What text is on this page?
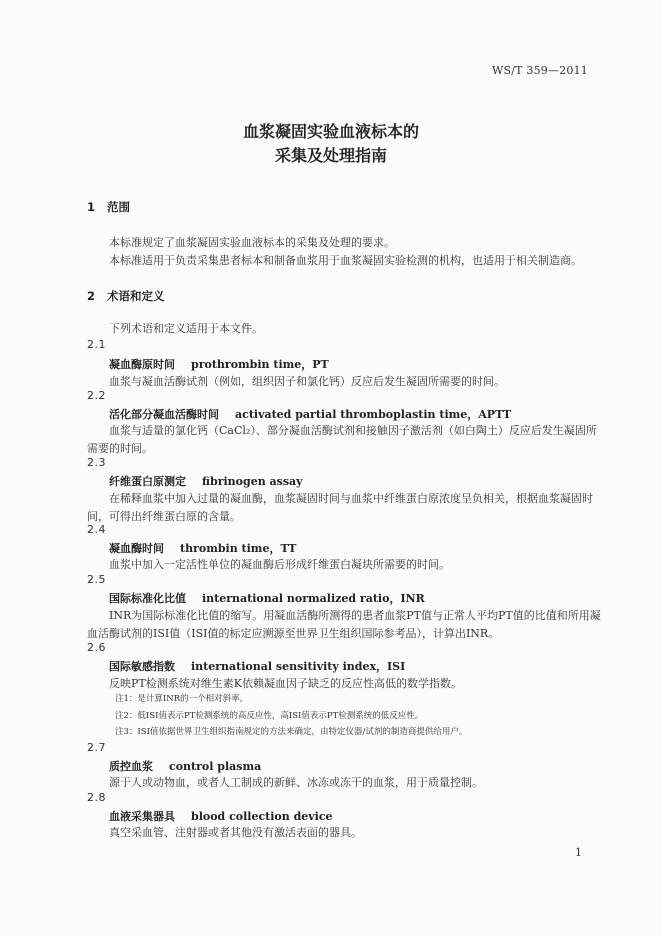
WS/T 359—2011
血浆凝固实验血液标本的
采集及处理指南
1 范围
本标准规定了血浆凝固实验血液标本的采集及处理的要求。
本标准适用于负责采集患者标本和制备血浆用于血浆凝固实验检测的机构，也适用于相关制造商。
2 术语和定义
下列术语和定义适用于本文件。
2.1
凝血酶原时间 prothrombin time，PT
血浆与凝血活酶试剂（例如，组织因子和氯化钙）反应后发生凝固所需要的时间。
2.2
活化部分凝血活酶时间 activated partial thromboplastin time，APTT
血浆与适量的氯化钙（CaCl₂）、部分凝血活酶试剂和接触因子激活剂（如白陶土）反应后发生凝固所需要的时间。
2.3
纤维蛋白原测定 fibrinogen assay
在稀释血浆中加入过量的凝血酶，血浆凝固时间与血浆中纤维蛋白原浓度呈负相关，根据血浆凝固时间，可得出纤维蛋白原的含量。
2.4
凝血酶时间 thrombin time，TT
血浆中加入一定活性单位的凝血酶后形成纤维蛋白凝块所需要的时间。
2.5
国际标准化比值 international normalized ratio，INR
INR为国际标准化比值的缩写。用凝血活酶所测得的患者血浆PT值与正常人平均PT值的比值和所用凝血活酶试剂的ISI值（ISI值的标定应溯源至世界卫生组织国际参考品），计算出INR。
2.6
国际敏感指数 international sensitivity index，ISI
反映PT检测系统对维生素K依赖凝血因子缺乏的反应性高低的数学指数。
注1：是计算INR的一个相对斜率。
注2：低ISI值表示PT检测系统的高反应性，高ISI值表示PT检测系统的低反应性。
注3：ISI值依据世界卫生组织指南规定的方法来确定，由特定仪器/试剂的制造商提供给用户。
2.7
质控血浆 control plasma
源于人或动物血，或者人工制成的新鲜、冰冻或冻干的血浆，用于质量控制。
2.8
血液采集器具 blood collection device
真空采血管、注射器或者其他没有激活表面的器具。
1
